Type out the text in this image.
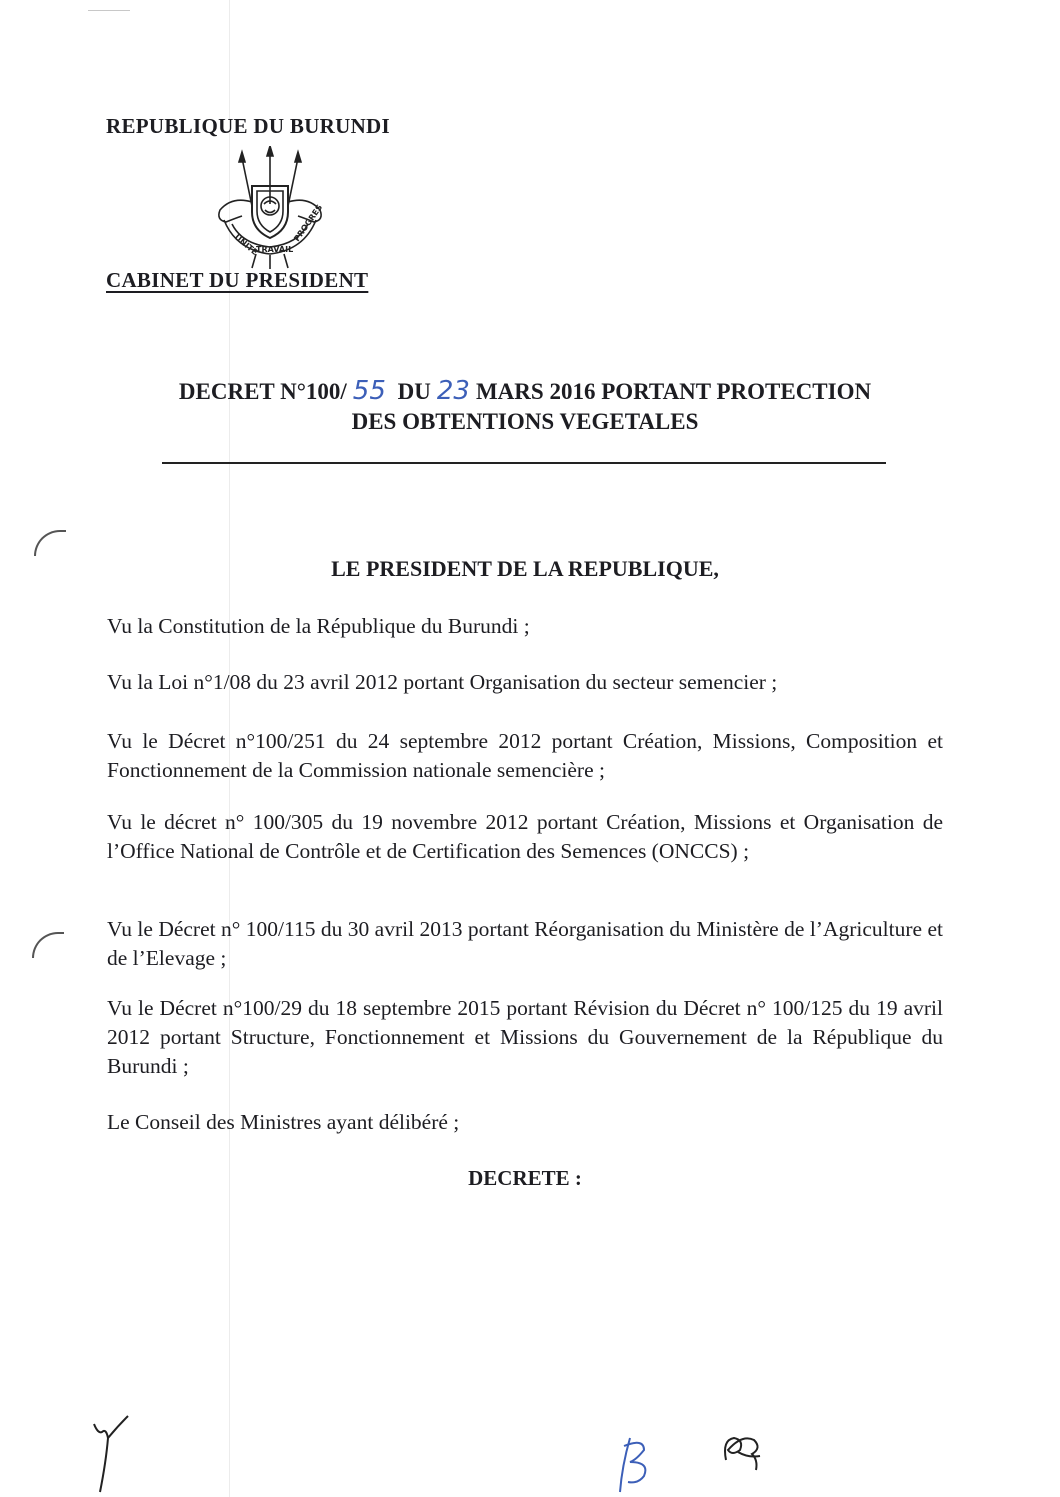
REPUBLIQUE DU BURUNDI
UNITE
TRAVAIL
PROGRES
CABINET DU PRESIDENT
DECRET N°100/ 55 DU 23 MARS 2016 PORTANT PROTECTION
DES OBTENTIONS VEGETALES
LE PRESIDENT DE LA REPUBLIQUE,

Vu la Constitution de la République du Burundi ;

Vu la Loi n°1/08 du 23 avril 2012 portant Organisation du secteur semencier ;

Vu le Décret n°100/251 du 24 septembre 2012 portant Création, Missions, Composition et Fonctionnement de la Commission nationale semencière ;

Vu le décret n° 100/305 du 19 novembre 2012 portant Création, Missions et Organisation de l’Office National de Contrôle et de Certification des Semences (ONCCS) ;

Vu le Décret n° 100/115 du 30 avril 2013 portant Réorganisation du Ministère de l’Agriculture et de l’Elevage ;

Vu le Décret n°100/29 du 18 septembre 2015 portant Révision du Décret n° 100/125 du 19 avril 2012 portant Structure, Fonctionnement et Missions du Gouvernement de la République du Burundi ;

Le Conseil des Ministres ayant délibéré ;

DECRETE :
